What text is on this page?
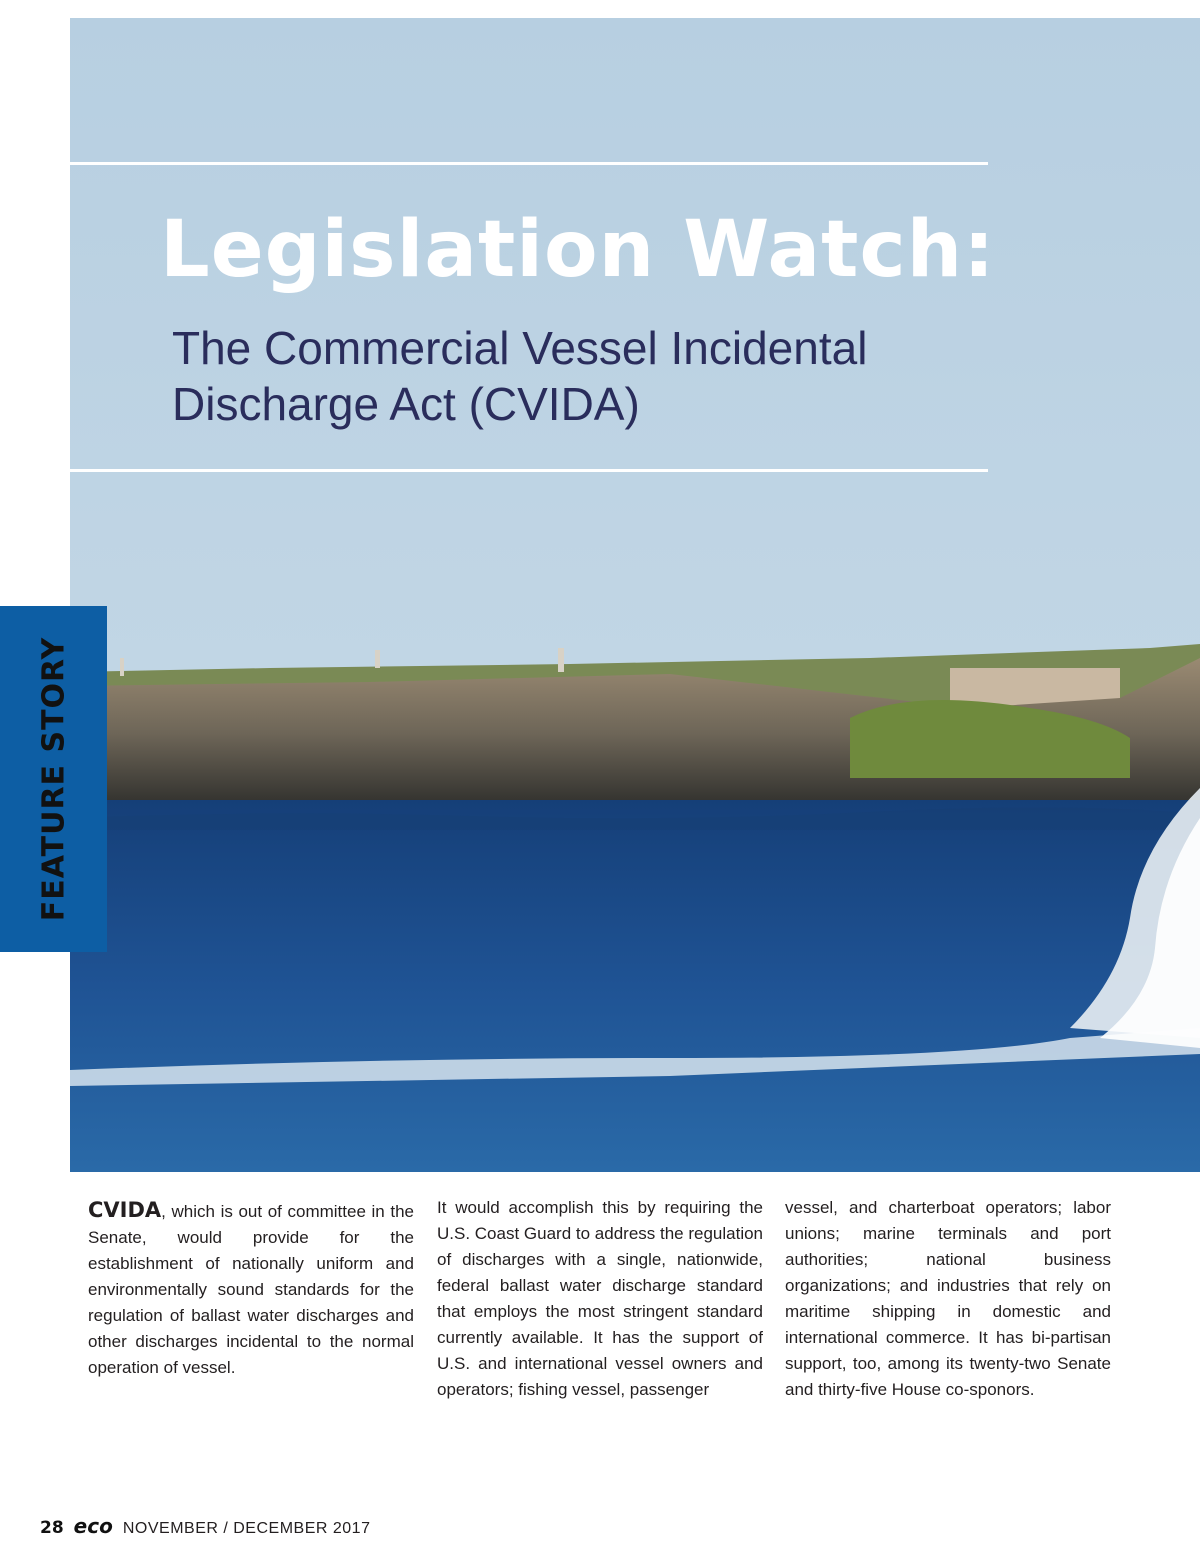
Legislation Watch:
The Commercial Vessel Incidental Discharge Act (CVIDA)
FEATURE STORY

CVIDA, which is out of committee in the Senate, would provide for the establishment of nationally uniform and environmentally sound standards for the regulation of ballast water discharges and other discharges incidental to the normal operation of vessel.

It would accomplish this by requiring the U.S. Coast Guard to address the regulation of discharges with a single, nationwide, federal ballast water discharge standard that employs the most stringent standard currently available. It has the support of U.S. and international vessel owners and operators; fishing vessel, passenger

vessel, and charterboat operators; labor unions; marine terminals and port authorities; national business organizations; and industries that rely on maritime shipping in domestic and international commerce. It has bi-partisan support, too, among its twenty-two Senate and thirty-five House co-sponors.

28 eco NOVEMBER / DECEMBER 2017
